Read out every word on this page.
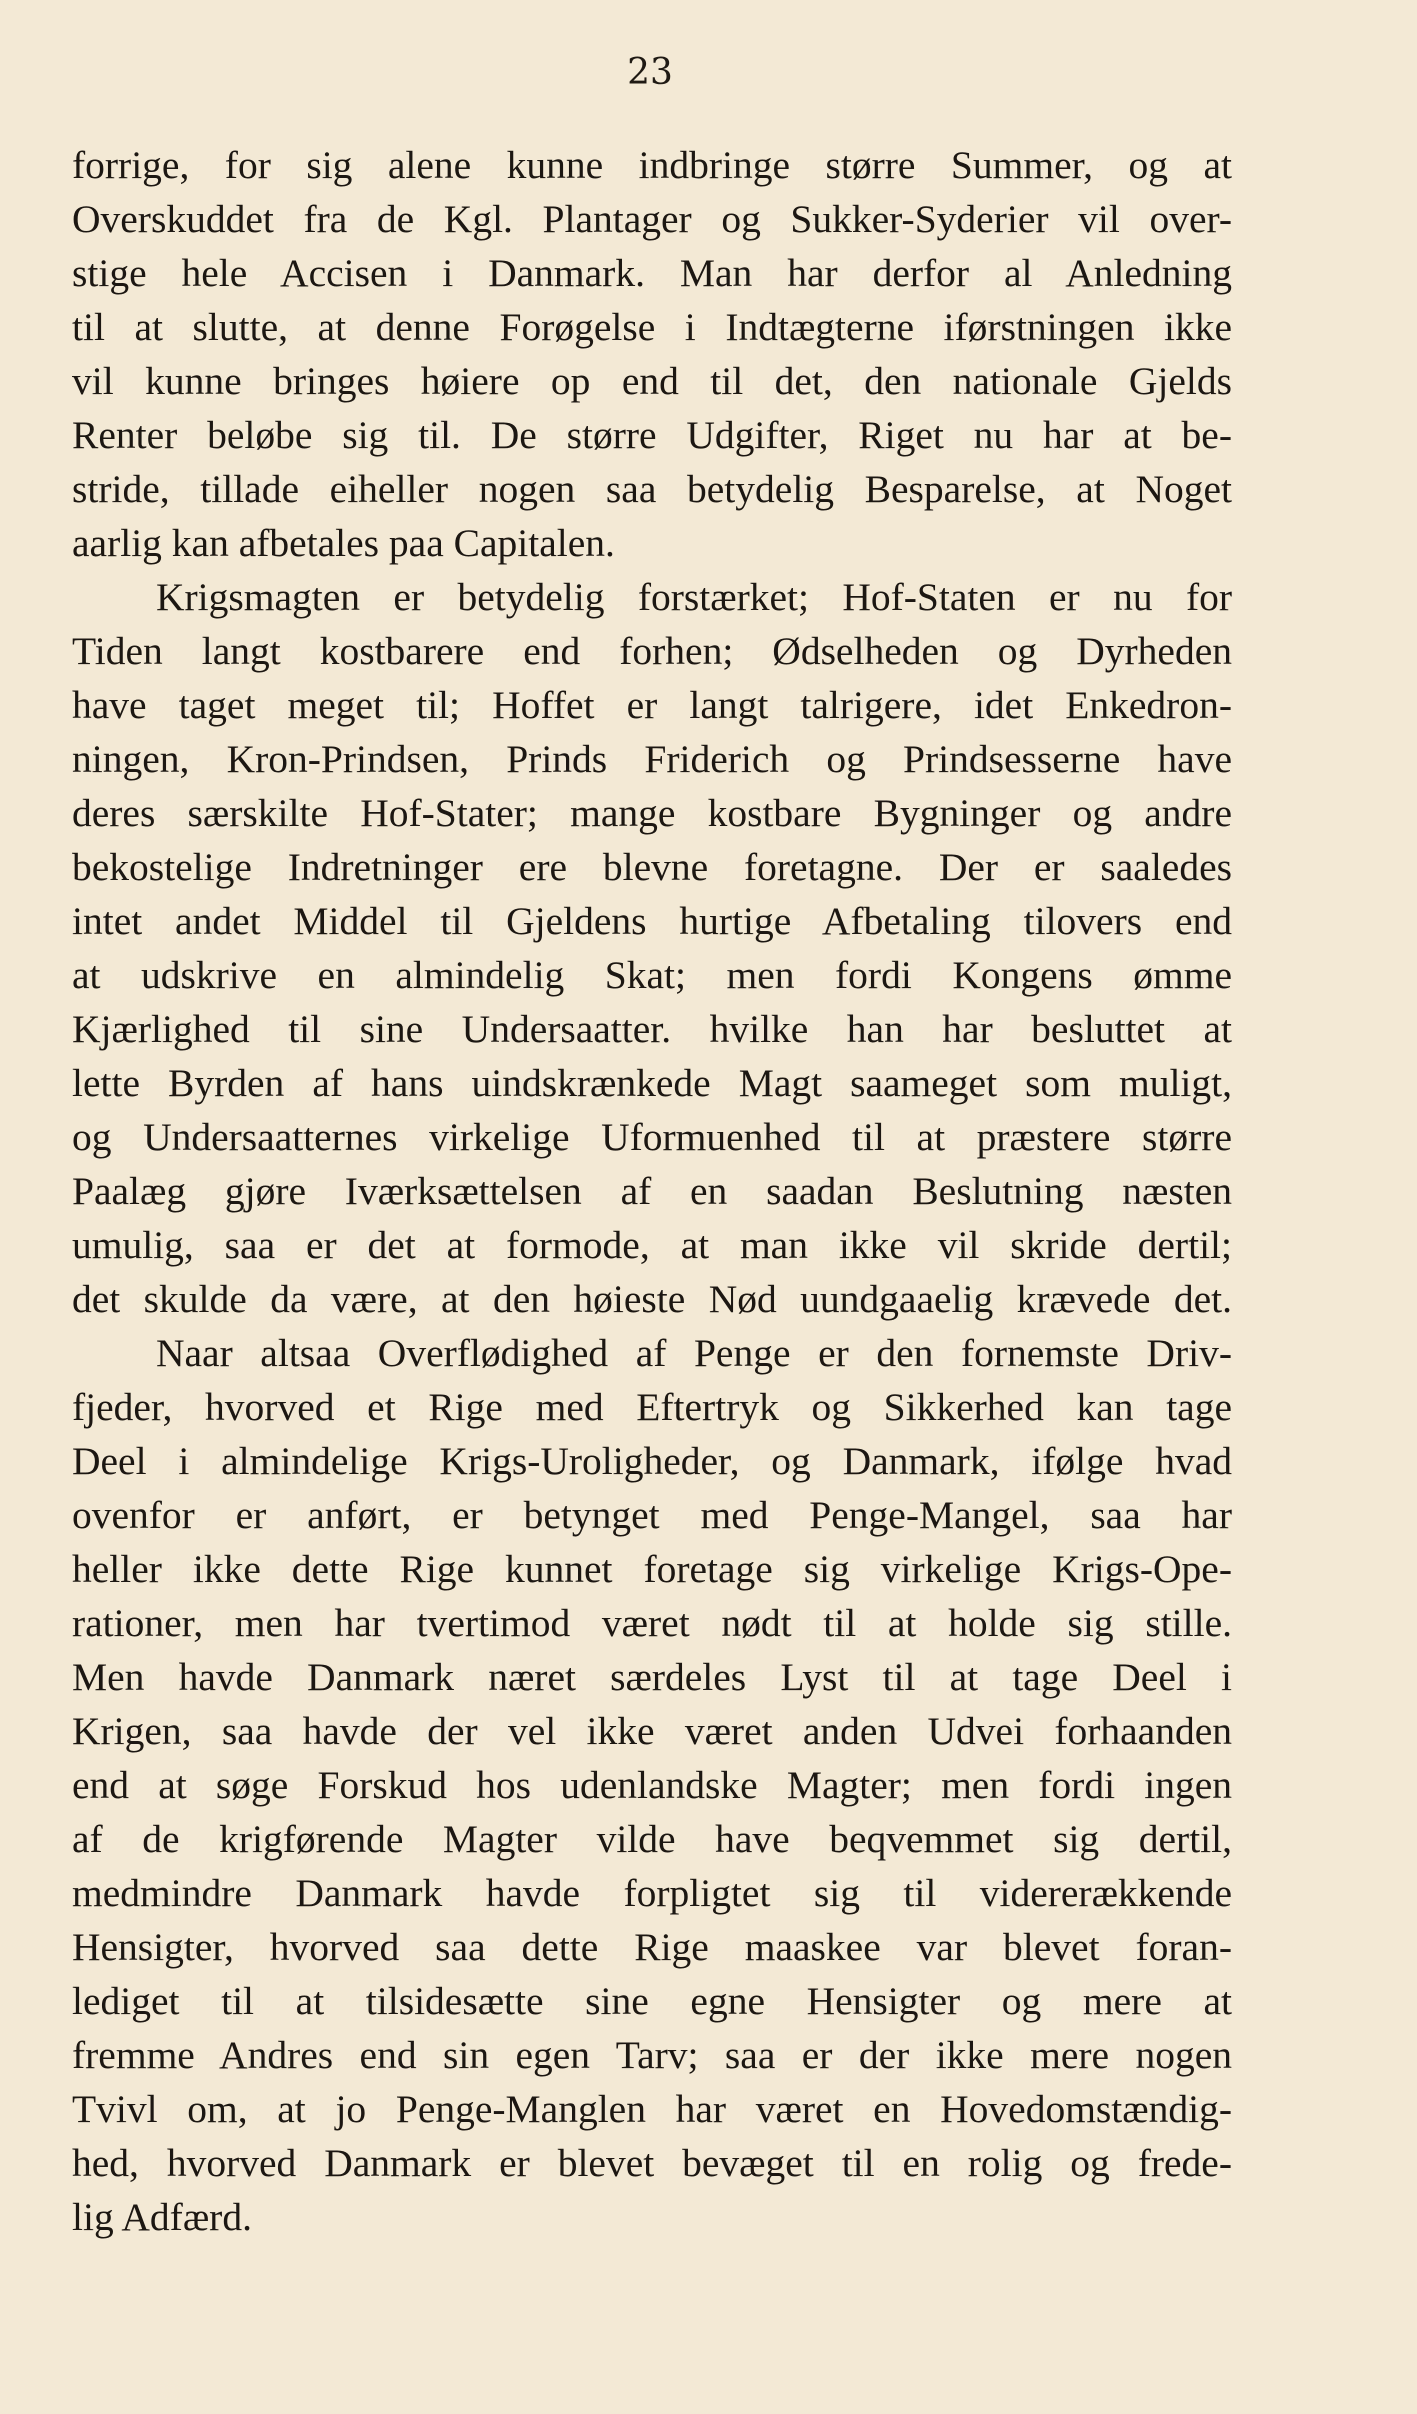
23
forrige, for sig alene kunne indbringe større Summer, og at
Overskuddet fra de Kgl. Plantager og Sukker-Syderier vil over-
stige hele Accisen i Danmark. Man har derfor al Anledning
til at slutte, at denne Forøgelse i Indtægterne iførstningen ikke
vil kunne bringes høiere op end til det, den nationale Gjelds
Renter beløbe sig til. De større Udgifter, Riget nu har at be-
stride, tillade eiheller nogen saa betydelig Besparelse, at Noget
aarlig kan afbetales paa Capitalen.
Krigsmagten er betydelig forstærket; Hof-Staten er nu for
Tiden langt kostbarere end forhen; Ødselheden og Dyrheden
have taget meget til; Hoffet er langt talrigere, idet Enkedron-
ningen, Kron-Prindsen, Prinds Friderich og Prindsesserne have
deres særskilte Hof-Stater; mange kostbare Bygninger og andre
bekostelige Indretninger ere blevne foretagne. Der er saaledes
intet andet Middel til Gjeldens hurtige Afbetaling tilovers end
at udskrive en almindelig Skat; men fordi Kongens ømme
Kjærlighed til sine Undersaatter. hvilke han har besluttet at
lette Byrden af hans uindskrænkede Magt saameget som muligt,
og Undersaatternes virkelige Uformuenhed til at præstere større
Paalæg gjøre Iværksættelsen af en saadan Beslutning næsten
umulig, saa er det at formode, at man ikke vil skride dertil;
det skulde da være, at den høieste Nød uundgaaelig krævede det.
Naar altsaa Overflødighed af Penge er den fornemste Driv-
fjeder, hvorved et Rige med Eftertryk og Sikkerhed kan tage
Deel i almindelige Krigs-Uroligheder, og Danmark, ifølge hvad
ovenfor er anført, er betynget med Penge-Mangel, saa har
heller ikke dette Rige kunnet foretage sig virkelige Krigs-Ope-
rationer, men har tvertimod været nødt til at holde sig stille.
Men havde Danmark næret særdeles Lyst til at tage Deel i
Krigen, saa havde der vel ikke været anden Udvei forhaanden
end at søge Forskud hos udenlandske Magter; men fordi ingen
af de krigførende Magter vilde have beqvemmet sig dertil,
medmindre Danmark havde forpligtet sig til vidererækkende
Hensigter, hvorved saa dette Rige maaskee var blevet foran-
lediget til at tilsidesætte sine egne Hensigter og mere at
fremme Andres end sin egen Tarv; saa er der ikke mere nogen
Tvivl om, at jo Penge-Manglen har været en Hovedomstændig-
hed, hvorved Danmark er blevet bevæget til en rolig og frede-
lig Adfærd.
